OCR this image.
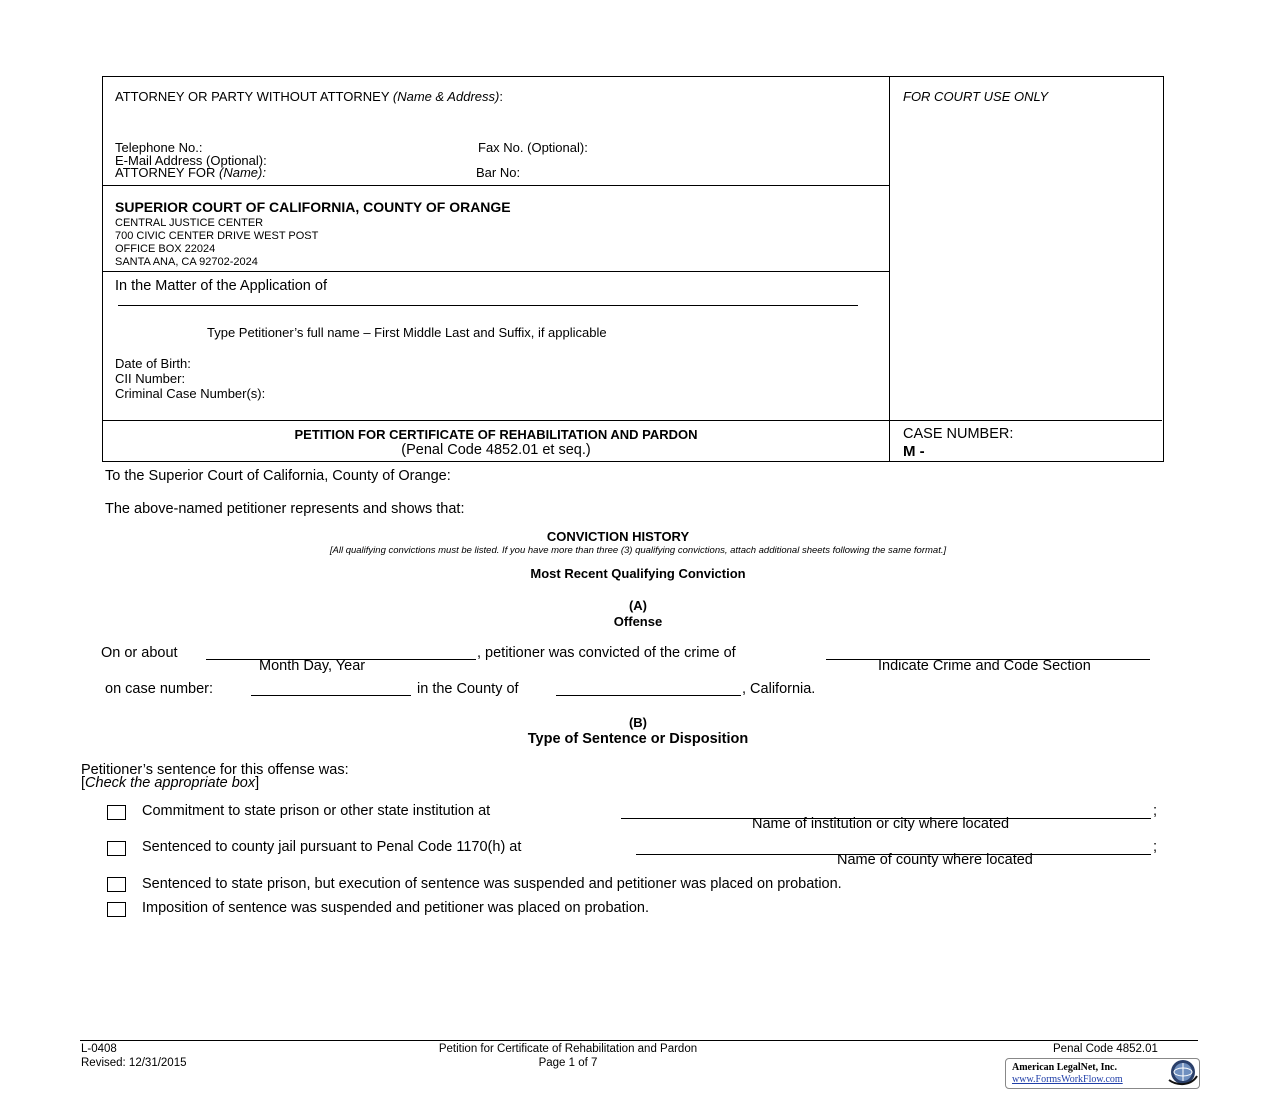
ATTORNEY OR PARTY WITHOUT ATTORNEY (Name & Address):	FOR COURT USE ONLY
Telephone No.:	Fax No. (Optional):
E-Mail Address (Optional):
ATTORNEY FOR (Name):	Bar No:
SUPERIOR COURT OF CALIFORNIA, COUNTY OF ORANGE
CENTRAL JUSTICE CENTER
700 CIVIC CENTER DRIVE WEST POST
OFFICE BOX 22024
SANTA ANA, CA 92702-2024
In the Matter of the Application of
Type Petitioner’s full name – First Middle Last and Suffix, if applicable
Date of Birth:
CII Number:
Criminal Case Number(s):
PETITION FOR CERTIFICATE OF REHABILITATION AND PARDON
(Penal Code 4852.01 et seq.)
CASE NUMBER:
M -
To the Superior Court of California, County of Orange:
The above-named petitioner represents and shows that:
CONVICTION HISTORY
[All qualifying convictions must be listed. If you have more than three (3) qualifying convictions, attach additional sheets following the same format.]
Most Recent Qualifying Conviction
(A)
Offense
On or about	, petitioner was convicted of the crime of
Month Day, Year	Indicate Crime and Code Section
on case number:	in the County of	, California.
(B)
Type of Sentence or Disposition
Petitioner’s sentence for this offense was:
[Check the appropriate box]
Commitment to state prison or other state institution at	;
Name of institution or city where located
Sentenced to county jail pursuant to Penal Code 1170(h) at	;
Name of county where located
Sentenced to state prison, but execution of sentence was suspended and petitioner was placed on probation.
Imposition of sentence was suspended and petitioner was placed on probation.
L-0408
Revised: 12/31/2015
Petition for Certificate of Rehabilitation and Pardon
Page 1 of 7
Penal Code 4852.01
American LegalNet, Inc.
www.FormsWorkFlow.com
